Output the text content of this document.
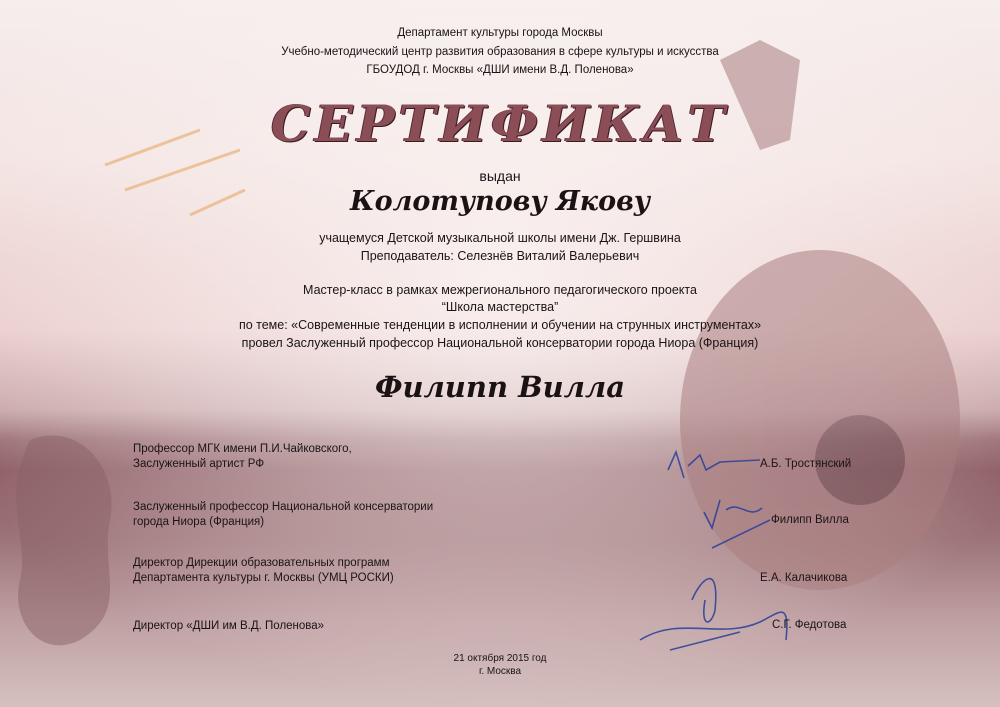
Департамент культуры города Москвы
Учебно-методический центр развития образования в сфере культуры и искусства
ГБОУДОД г. Москвы «ДШИ имени В.Д. Поленова»
СЕРТИФИКАТ
выдан
Колотупову Якову
учащемуся Детской музыкальной школы имени Дж. Гершвина
Преподаватель: Селезнёв Виталий Валерьевич
Мастер-класс в рамках межрегионального педагогического проекта
“Школа мастерства”
по теме: «Современные тенденции в исполнении и обучении на струнных инструментах»
провел Заслуженный профессор Национальной консерватории города Ниора (Франция)
Филипп Вилла
Профессор МГК имени П.И.Чайковского,
Заслуженный артист РФ	А.Б. Тростянский
Заслуженный профессор Национальной консерватории
города Ниора (Франция)	Филипп Вилла
Директор Дирекции образовательных программ
Департамента культуры г. Москвы (УМЦ РОСКИ)	Е.А. Калачикова
Директор «ДШИ им В.Д. Поленова»	С.Г. Федотова
21 октября 2015 год
г. Москва
